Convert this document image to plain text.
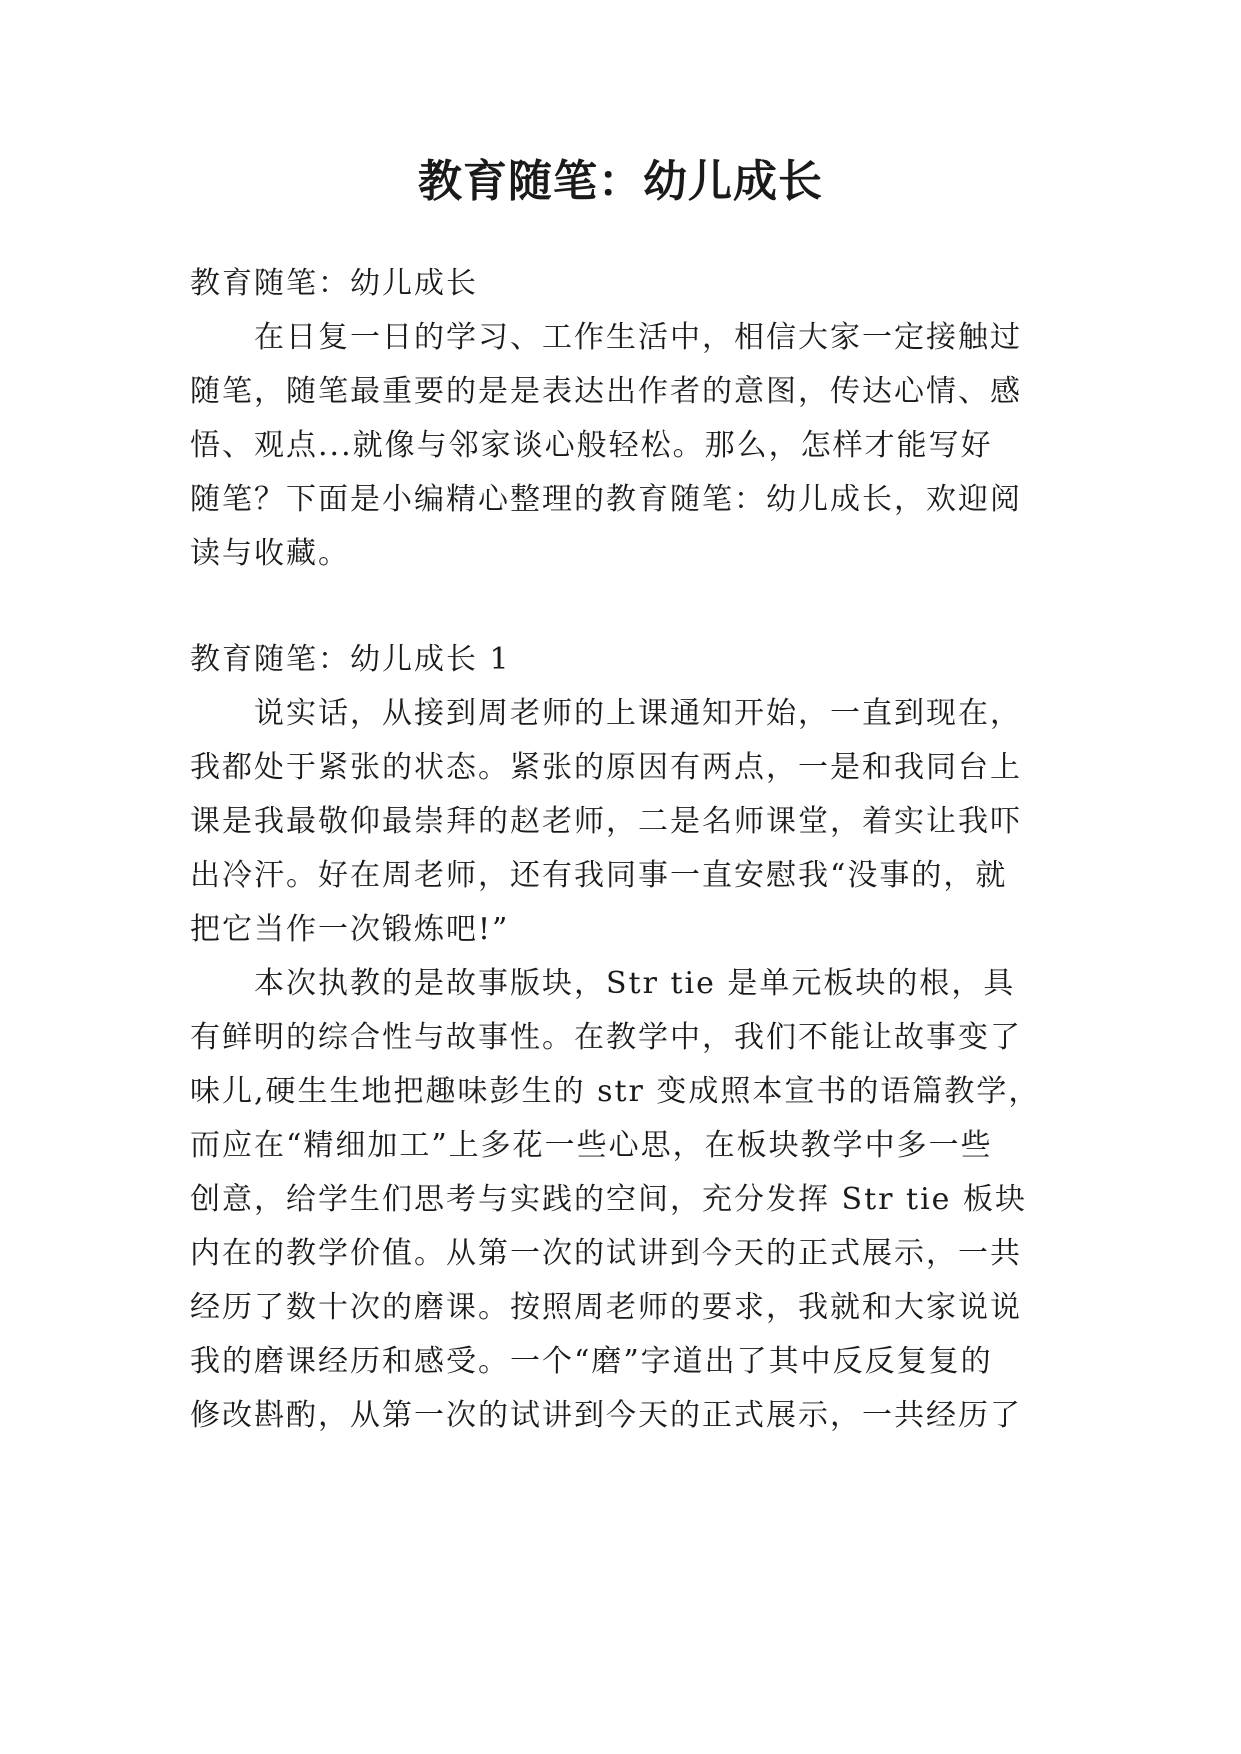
教育随笔：幼儿成长
教育随笔：幼儿成长
在日复一日的学习、工作生活中，相信大家一定接触过
随笔，随笔最重要的是是表达出作者的意图，传达心情、感
悟、观点...就像与邻家谈心般轻松。那么，怎样才能写好
随笔？下面是小编精心整理的教育随笔：幼儿成长，欢迎阅
读与收藏。
教育随笔：幼儿成长 1
说实话，从接到周老师的上课通知开始，一直到现在，
我都处于紧张的状态。紧张的原因有两点，一是和我同台上
课是我最敬仰最崇拜的赵老师，二是名师课堂，着实让我吓
出冷汗。好在周老师，还有我同事一直安慰我“没事的，就
把它当作一次锻炼吧!”
本次执教的是故事版块，Str tie 是单元板块的根，具
有鲜明的综合性与故事性。在教学中，我们不能让故事变了
味儿,硬生生地把趣味彭生的 str 变成照本宣书的语篇教学，
而应在“精细加工”上多花一些心思，在板块教学中多一些
创意，给学生们思考与实践的空间，充分发挥 Str tie 板块
内在的教学价值。从第一次的试讲到今天的正式展示，一共
经历了数十次的磨课。按照周老师的要求，我就和大家说说
我的磨课经历和感受。一个“磨”字道出了其中反反复复的
修改斟酌，从第一次的试讲到今天的正式展示，一共经历了
